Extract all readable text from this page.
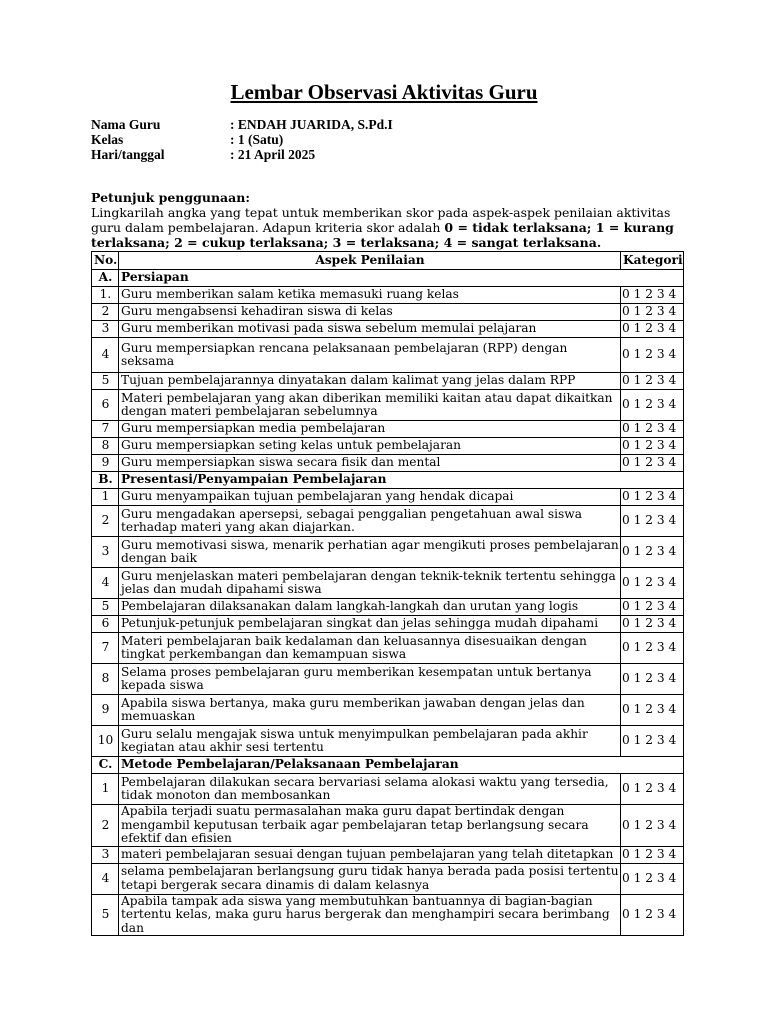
Lembar Observasi Aktivitas Guru
Nama Guru	: ENDAH JUARIDA, S.Pd.I
Kelas	: 1 (Satu)
Hari/tanggal	: 21 April 2025
Petunjuk penggunaan:
Lingkarilah angka yang tepat untuk memberikan skor pada aspek-aspek penilaian aktivitas guru dalam pembelajaran. Adapun kriteria skor adalah 0 = tidak terlaksana; 1 = kurang terlaksana; 2 = cukup terlaksana; 3 = terlaksana; 4 = sangat terlaksana.
No.	Aspek Penilaian	Kategori
A.	Persiapan	
1.	Guru memberikan salam ketika memasuki ruang kelas	0 1 2 3 4
2	Guru mengabsensi kehadiran siswa di kelas	0 1 2 3 4
3	Guru memberikan motivasi pada siswa sebelum memulai pelajaran	0 1 2 3 4
4	Guru mempersiapkan rencana pelaksanaan pembelajaran (RPP) dengan seksama	0 1 2 3 4
5	Tujuan pembelajarannya dinyatakan dalam kalimat yang jelas dalam RPP	0 1 2 3 4
6	Materi pembelajaran yang akan diberikan memiliki kaitan atau dapat dikaitkan dengan materi pembelajaran sebelumnya	0 1 2 3 4
7	Guru mempersiapkan media pembelajaran	0 1 2 3 4
8	Guru mempersiapkan seting kelas untuk pembelajaran	0 1 2 3 4
9	Guru mempersiapkan siswa secara fisik dan mental	0 1 2 3 4
B.	Presentasi/Penyampaian Pembelajaran	
1	Guru menyampaikan tujuan pembelajaran yang hendak dicapai	0 1 2 3 4
2	Guru mengadakan apersepsi, sebagai penggalian pengetahuan awal siswa terhadap materi yang akan diajarkan.	0 1 2 3 4
3	Guru memotivasi siswa, menarik perhatian agar mengikuti proses pembelajaran dengan baik	0 1 2 3 4
4	Guru menjelaskan materi pembelajaran dengan teknik-teknik tertentu sehingga jelas dan mudah dipahami siswa	0 1 2 3 4
5	Pembelajaran dilaksanakan dalam langkah-langkah dan urutan yang logis	0 1 2 3 4
6	Petunjuk-petunjuk pembelajaran singkat dan jelas sehingga mudah dipahami	0 1 2 3 4
7	Materi pembelajaran baik kedalaman dan keluasannya disesuaikan dengan tingkat perkembangan dan kemampuan siswa	0 1 2 3 4
8	Selama proses pembelajaran guru memberikan kesempatan untuk bertanya kepada siswa	0 1 2 3 4
9	Apabila siswa bertanya, maka guru memberikan jawaban dengan jelas dan memuaskan	0 1 2 3 4
10	Guru selalu mengajak siswa untuk menyimpulkan pembelajaran pada akhir kegiatan atau akhir sesi tertentu	0 1 2 3 4
C.	Metode Pembelajaran/Pelaksanaan Pembelajaran	
1	Pembelajaran dilakukan secara bervariasi selama alokasi waktu yang tersedia, tidak monoton dan membosankan	0 1 2 3 4
2	Apabila terjadi suatu permasalahan maka guru dapat bertindak dengan mengambil keputusan terbaik agar pembelajaran tetap berlangsung secara efektif dan efisien	0 1 2 3 4
3	materi pembelajaran sesuai dengan tujuan pembelajaran yang telah ditetapkan	0 1 2 3 4
4	selama pembelajaran berlangsung guru tidak hanya berada pada posisi tertentu tetapi bergerak secara dinamis di dalam kelasnya	0 1 2 3 4
5	Apabila tampak ada siswa yang membutuhkan bantuannya di bagian-bagian tertentu kelas, maka guru harus bergerak dan menghampiri secara berimbang dan	0 1 2 3 4
